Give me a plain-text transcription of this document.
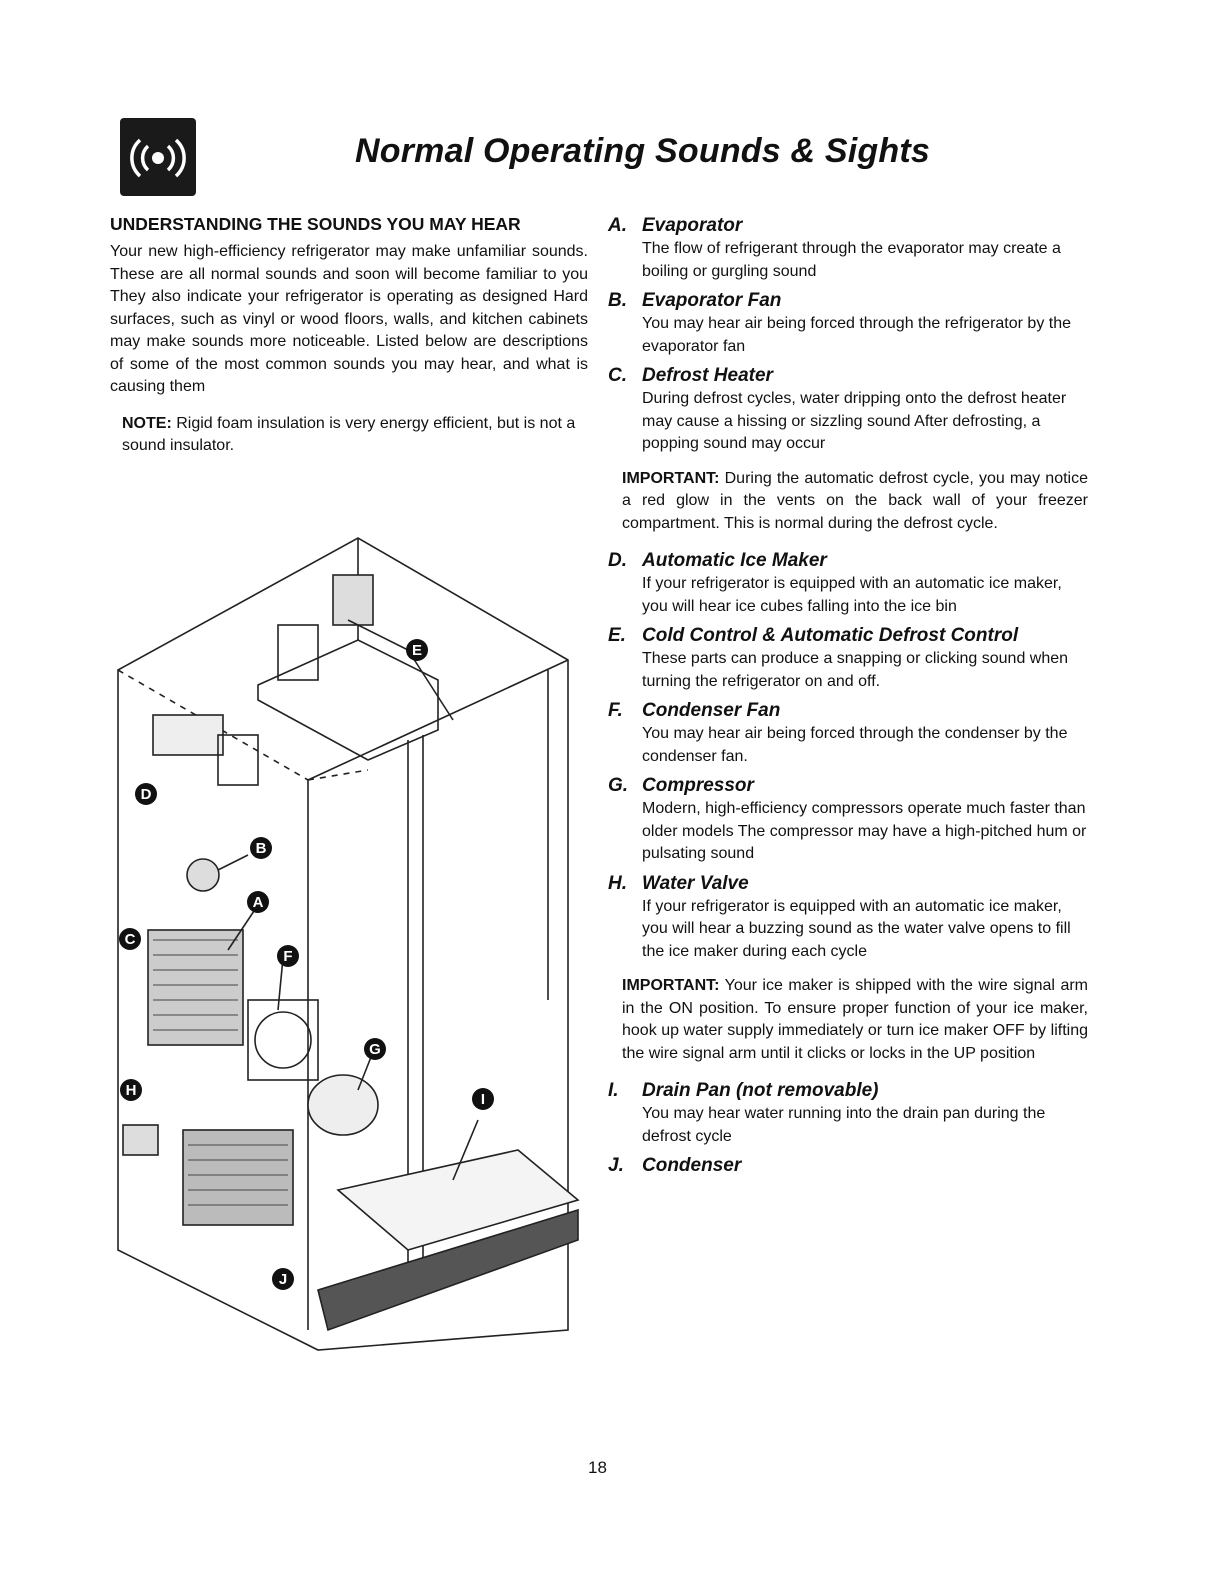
Normal Operating Sounds & Sights
UNDERSTANDING THE SOUNDS YOU MAY HEAR

Your new high-efficiency refrigerator may make unfamiliar sounds. These are all normal sounds and soon will become familiar to you They also indicate your refrigerator is operating as designed Hard surfaces, such as vinyl or wood floors, walls, and kitchen cabinets may make sounds more noticeable. Listed below are descriptions of some of the most common sounds you may hear, and what is causing them

NOTE: Rigid foam insulation is very energy efficient, but is not a sound insulator.
A
B
C
D
E
F
G
H
I
J
A. Evaporator
The flow of refrigerant through the evaporator may create a boiling or gurgling sound
B. Evaporator Fan
You may hear air being forced through the refrigerator by the evaporator fan
C. Defrost Heater
During defrost cycles, water dripping onto the defrost heater may cause a hissing or sizzling sound After defrosting, a popping sound may occur
IMPORTANT: During the automatic defrost cycle, you may notice a red glow in the vents on the back wall of your freezer compartment. This is normal during the defrost cycle.
D. Automatic Ice Maker
If your refrigerator is equipped with an automatic ice maker, you will hear ice cubes falling into the ice bin
E. Cold Control & Automatic Defrost Control
These parts can produce a snapping or clicking sound when turning the refrigerator on and off.
F. Condenser Fan
You may hear air being forced through the condenser by the condenser fan.
G. Compressor
Modern, high-efficiency compressors operate much faster than older models The compressor may have a high-pitched hum or pulsating sound
H. Water Valve
If your refrigerator is equipped with an automatic ice maker, you will hear a buzzing sound as the water valve opens to fill the ice maker during each cycle
IMPORTANT: Your ice maker is shipped with the wire signal arm in the ON position. To ensure proper function of your ice maker, hook up water supply immediately or turn ice maker OFF by lifting the wire signal arm until it clicks or locks in the UP position
I. Drain Pan (not removable)
You may hear water running into the drain pan during the defrost cycle
J. Condenser
18
